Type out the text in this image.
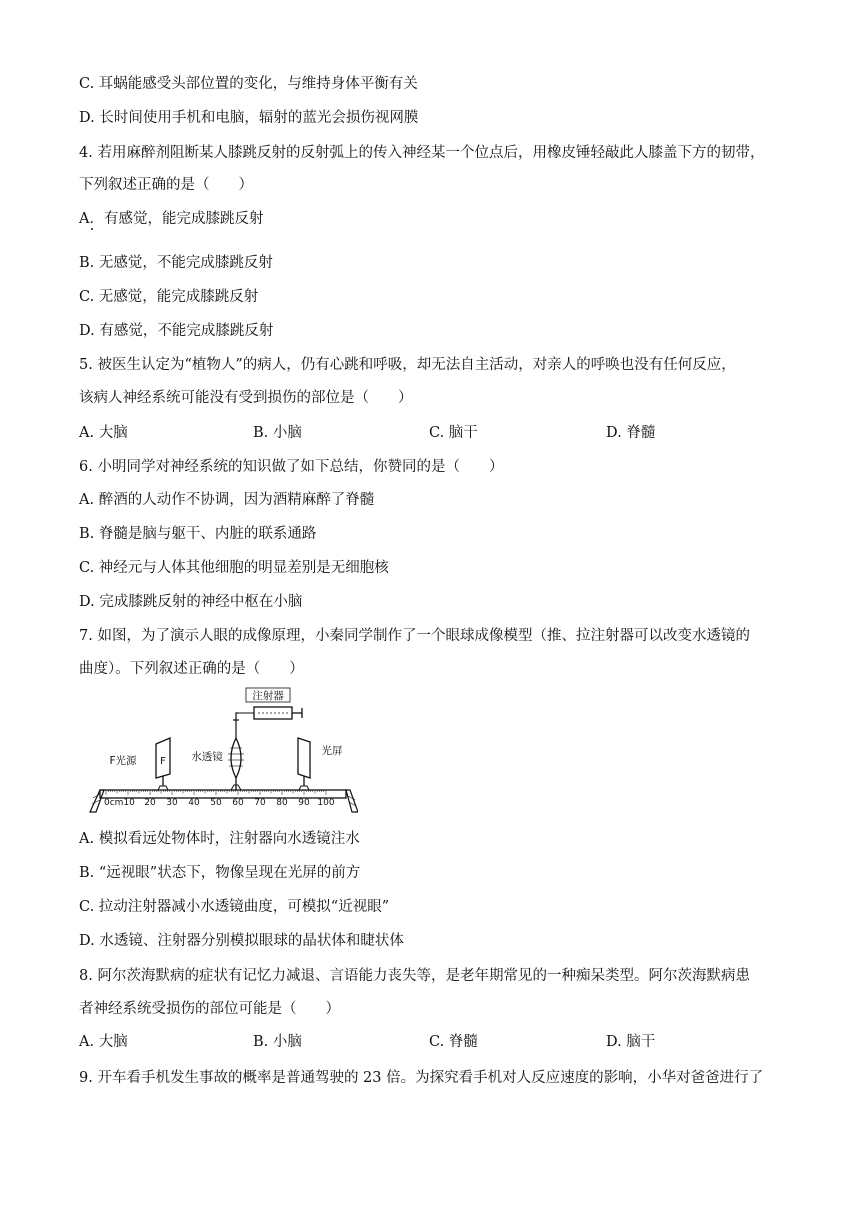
C. 耳蜗能感受头部位置的变化，与维持身体平衡有关
D. 长时间使用手机和电脑，辐射的蓝光会损伤视网膜
4. 若用麻醉剂阻断某人膝跳反射的反射弧上的传入神经某一个位点后，用橡皮锤轻敲此人膝盖下方的韧带，
下列叙述正确的是（　　）
A．有感觉，能完成膝跳反射
B. 无感觉，不能完成膝跳反射
C. 无感觉，能完成膝跳反射
D. 有感觉，不能完成膝跳反射
5. 被医生认定为“植物人”的病人，仍有心跳和呼吸，却无法自主活动，对亲人的呼唤也没有任何反应，
该病人神经系统可能没有受到损伤的部位是（　　）
6. 小明同学对神经系统的知识做了如下总结，你赞同的是（　　）
A. 醉酒的人动作不协调，因为酒精麻醉了脊髓
B. 脊髓是脑与躯干、内脏的联系通路
C. 神经元与人体其他细胞的明显差别是无细胞核
D. 完成膝跳反射的神经中枢在小脑
7. 如图，为了演示人眼的成像原理，小秦同学制作了一个眼球成像模型（推、拉注射器可以改变水透镜的
曲度）。下列叙述正确的是（　　）
A. 模拟看远处物体时，注射器向水透镜注水
B. “远视眼”状态下，物像呈现在光屏的前方
C. 拉动注射器减小水透镜曲度，可模拟“近视眼”
D. 水透镜、注射器分别模拟眼球的晶状体和睫状体
8. 阿尔茨海默病的症状有记忆力减退、言语能力丧失等，是老年期常见的一种痴呆类型。阿尔茨海默病患
者神经系统受损伤的部位可能是（　　）
9. 开车看手机发生事故的概率是普通驾驶的 23 倍。为探究看手机对人反应速度的影响，小华对爸爸进行了
A. 大脑	B. 小脑	C. 脑干	D. 脊髓
A. 大脑	B. 小脑	C. 脊髓	D. 脑干
注射器
水透镜
F
F光源
光屏
0cm10 20 30 40 50 60 70 80 90 100
